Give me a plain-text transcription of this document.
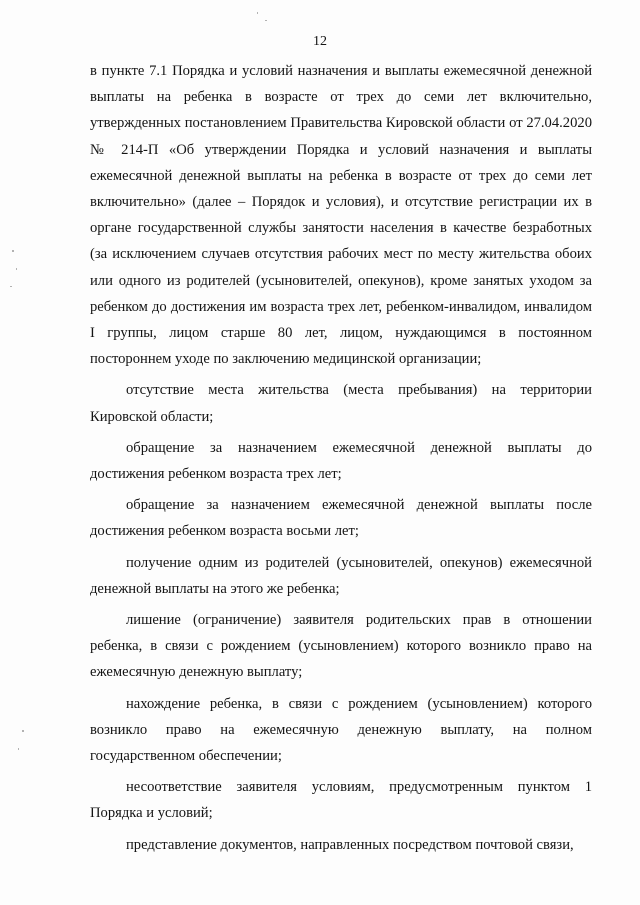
12

в пункте 7.1 Порядка и условий назначения и выплаты ежемесячной денежной выплаты на ребенка в возрасте от трех до семи лет включительно, утвержденных постановлением Правительства Кировской области от 27.04.2020 № 214-П «Об утверждении Порядка и условий назначения и выплаты ежемесячной денежной выплаты на ребенка в возрасте от трех до семи лет включительно» (далее – Порядок и условия), и отсутствие регистрации их в органе государственной службы занятости населения в качестве безработных (за исключением случаев отсутствия рабочих мест по месту жительства обоих или одного из родителей (усыновителей, опекунов), кроме занятых уходом за ребенком до достижения им возраста трех лет, ребенком-инвалидом, инвалидом I группы, лицом старше 80 лет, лицом, нуждающимся в постоянном постороннем уходе по заключению медицинской организации;

отсутствие места жительства (места пребывания) на территории Кировской области;

обращение за назначением ежемесячной денежной выплаты до достижения ребенком возраста трех лет;

обращение за назначением ежемесячной денежной выплаты после достижения ребенком возраста восьми лет;

получение одним из родителей (усыновителей, опекунов) ежемесячной денежной выплаты на этого же ребенка;

лишение (ограничение) заявителя родительских прав в отношении ребенка, в связи с рождением (усыновлением) которого возникло право на ежемесячную денежную выплату;

нахождение ребенка, в связи с рождением (усыновлением) которого возникло право на ежемесячную денежную выплату, на полном государственном обеспечении;

несоответствие заявителя условиям, предусмотренным пунктом 1 Порядка и условий;

представление документов, направленных посредством почтовой связи,
